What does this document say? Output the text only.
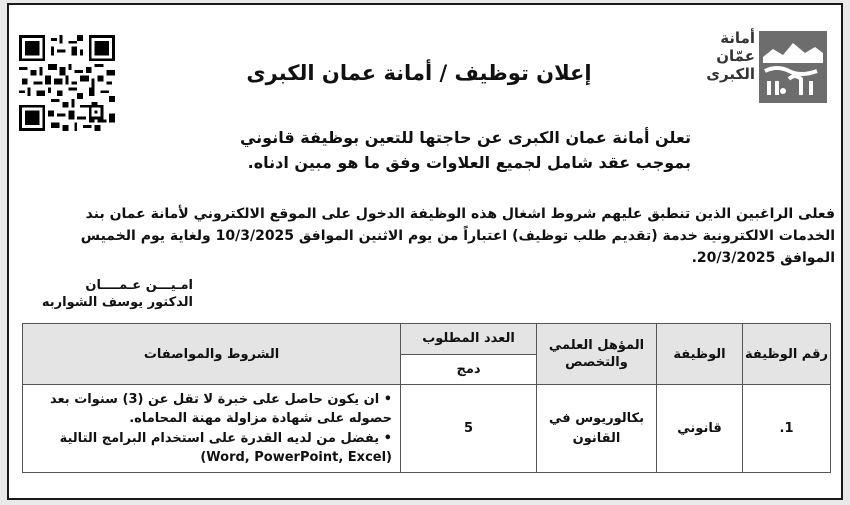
أمانة
عمّان
الكبرى
إعلان توظيف / أمانة عمان الكبرى
تعلن أمانة عمان الكبرى عن حاجتها للتعين بوظيفة قانوني
بموجب عقد شامل لجميع العلاوات وفق ما هو مبين ادناه.
فعلى الراغبين الذين تنطبق عليهم شروط اشغال هذه الوظيفة الدخول على الموقع الالكتروني لأمانة عمان بند
الخدمات الالكترونية خدمة (تقديم طلب توظيف) اعتباراً من يوم الاثنين الموافق 10/3/2025 ولغاية يوم الخميس
الموافق 20/3/2025.
امـيـــن عـمــــان
الدكتور يوسف الشواربه
رقم الوظيفة	الوظيفة	المؤهل العلمي والتخصص	العدد المطلوب	الشروط والمواصفات
			دمج	
1.	قانوني	بكالوريوس في القانون	5	• ان يكون حاصل على خبرة لا تقل عن (3) سنوات بعد حصوله على شهادة مزاولة مهنة المحاماه.
• يفضل من لديه القدرة على استخدام البرامج التالية (Word, PowerPoint, Excel)
